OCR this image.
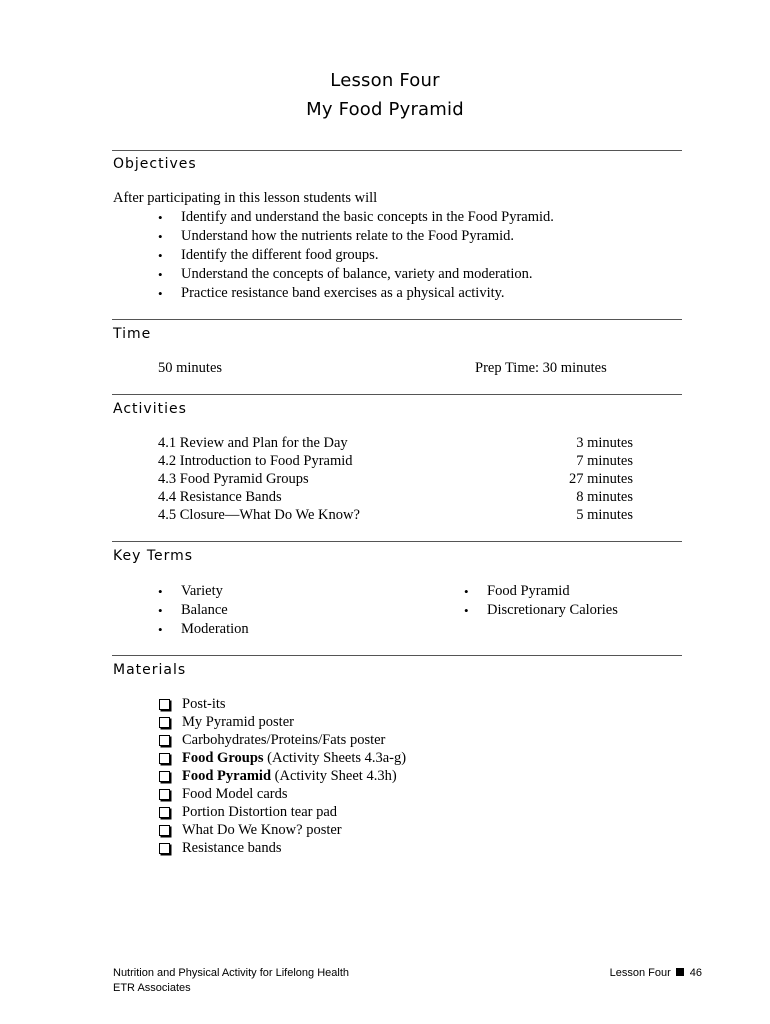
Lesson Four
My Food Pyramid
Objectives
After participating in this lesson students will
• Identify and understand the basic concepts in the Food Pyramid.
• Understand how the nutrients relate to the Food Pyramid.
• Identify the different food groups.
• Understand the concepts of balance, variety and moderation.
• Practice resistance band exercises as a physical activity.
Time
50 minutes	Prep Time: 30 minutes
Activities
4.1 Review and Plan for the Day	3 minutes
4.2 Introduction to Food Pyramid	7 minutes
4.3 Food Pyramid Groups	27 minutes
4.4 Resistance Bands	8 minutes
4.5 Closure—What Do We Know?	5 minutes
Key Terms
• Variety
• Balance
• Moderation
• Food Pyramid
• Discretionary Calories
Materials
Post-its
My Pyramid poster
Carbohydrates/Proteins/Fats poster
Food Groups (Activity Sheets 4.3a-g)
Food Pyramid (Activity Sheet 4.3h)
Food Model cards
Portion Distortion tear pad
What Do We Know? poster
Resistance bands
Nutrition and Physical Activity for Lifelong Health
ETR Associates
Lesson Four 46
